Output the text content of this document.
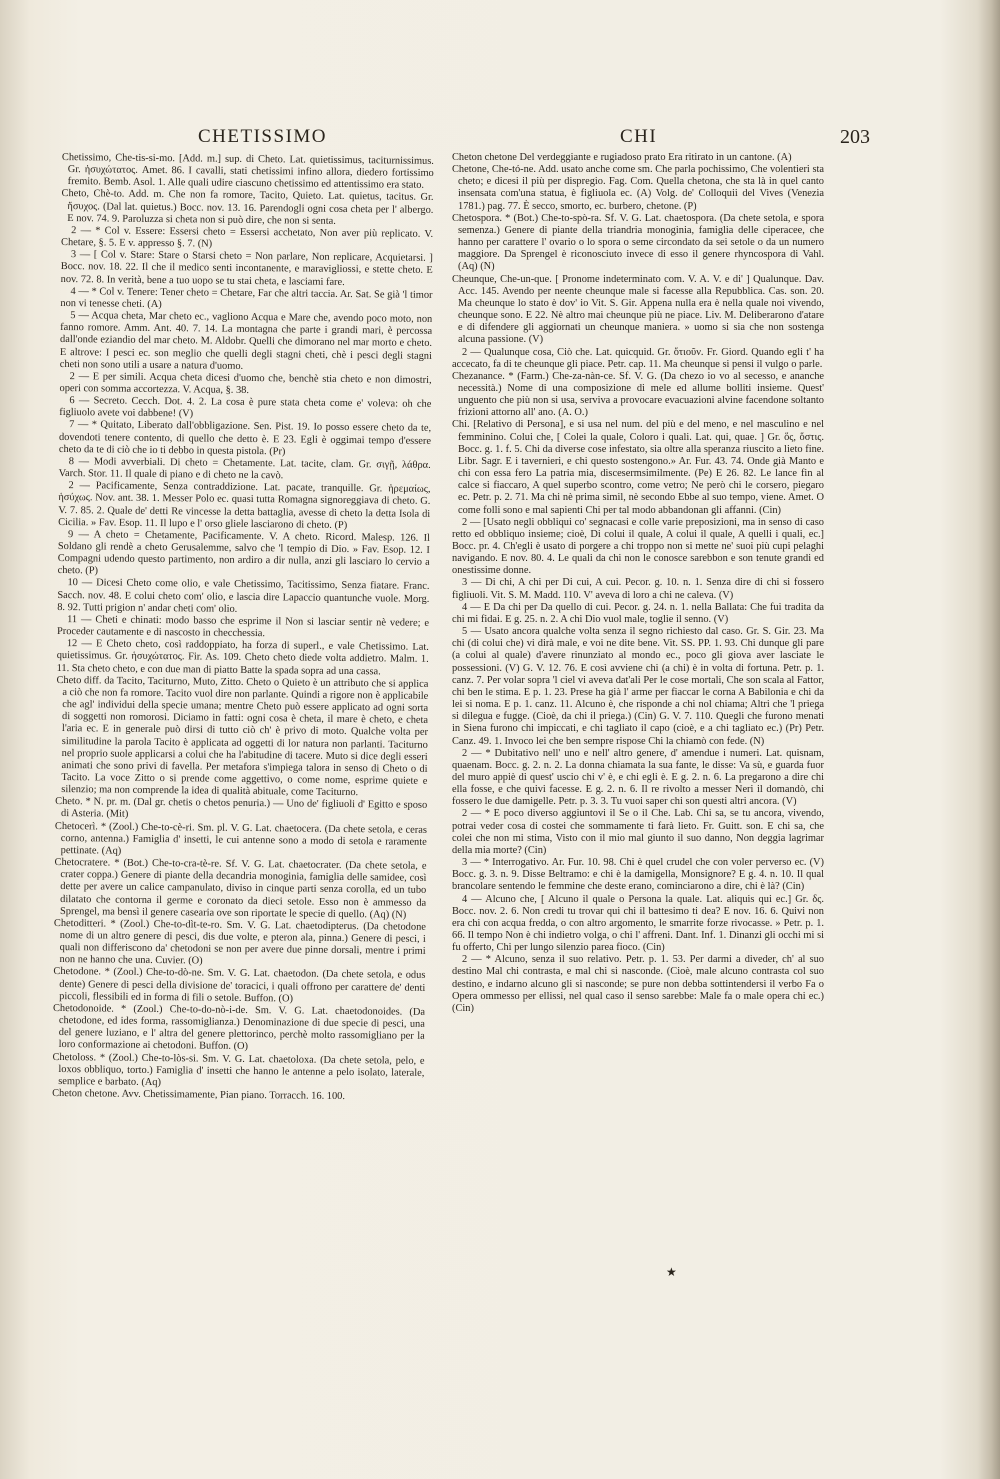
CHETISSIMO	CHI	203

Chetissimo, Che-tis-si-mo. [Add. m.] sup. di Cheto. Lat. quietissimus, taciturnissimus. Gr. ἡσυχώτατος. Amet. 86. I cavalli, stati chetissimi infino allora, diedero fortissimo fremito. Bemb. Asol. 1. Alle quali udire ciascuno chetissimo ed attentissimo era stato.

Cheto, Chè-to. Add. m. Che non fa romore, Tacito, Quieto. Lat. quietus, tacitus. Gr. ἥσυχος. (Dal lat. quietus.) Bocc. nov. 13. 16. Parendogli ogni cosa cheta per l' albergo. E nov. 74. 9. Paroluzza si cheta non si può dire, che non si senta.

2 — * Col v. Essere: Essersi cheto = Essersi acchetato, Non aver più replicato. V. Chetare, §. 5. E v. appresso §. 7. (N)

3 — [ Col v. Stare: Stare o Starsi cheto = Non parlare, Non replicare, Acquietarsi. ] Bocc. nov. 18. 22. Il che il medico senti incontanente, e maravigliossi, e stette cheto. E nov. 72. 8. In verità, bene a tuo uopo se tu stai cheta, e lasciami fare.

4 — * Col v. Tenere: Tener cheto = Chetare, Far che altri taccia. Ar. Sat. Se già 'l timor non vi tenesse cheti. (A)

5 — Acqua cheta, Mar cheto ec., vagliono Acqua e Mare che, avendo poco moto, non fanno romore. Amm. Ant. 40. 7. 14. La montagna che parte i grandi mari, è percossa dall'onde eziandio del mar cheto. M. Aldobr. Quelli che dimorano nel mar morto e cheto. E altrove: I pesci ec. son meglio che quelli degli stagni cheti, chè i pesci degli stagni cheti non sono utili a usare a natura d'uomo.

2 — E per simili. Acqua cheta dicesi d'uomo che, benchè stia cheto e non dimostri, operi con somma accortezza. V. Acqua, §. 38.

6 — Secreto. Cecch. Dot. 4. 2. La cosa è pure stata cheta come e' voleva: oh che figliuolo avete voi dabbene! (V)

7 — * Quitato, Liberato dall'obbligazione. Sen. Pist. 19. Io posso essere cheto da te, dovendoti tenere contento, di quello che detto è. E 23. Egli è oggimai tempo d'essere cheto da te di ciò che io ti debbo in questa pistola. (Pr)

8 — Modi avverbiali. Di cheto = Chetamente. Lat. tacite, clam. Gr. σιγῇ, λάθρα. Varch. Stor. 11. Il quale di piano e di cheto ne la cavò.

2 — Pacificamente, Senza contraddizione. Lat. pacate, tranquille. Gr. ἠρεμαίως, ἡσύχως. Nov. ant. 38. 1. Messer Polo ec. quasi tutta Romagna signoreggiava di cheto. G. V. 7. 85. 2. Quale de' detti Re vincesse la detta battaglia, avesse di cheto la detta Isola di Cicilia. » Fav. Esop. 11. Il lupo e l' orso gliele lasciarono di cheto. (P)

9 — A cheto = Chetamente, Pacificamente. V. A cheto. Ricord. Malesp. 126. Il Soldano gli rendè a cheto Gerusalemme, salvo che 'l tempio di Dio. » Fav. Esop. 12. I Compagni udendo questo partimento, non ardiro a dir nulla, anzi gli lasciaro lo cervio a cheto. (P)

10 — Dicesi Cheto come olio, e vale Chetissimo, Tacitissimo, Senza fiatare. Franc. Sacch. nov. 48. E colui cheto com' olio, e lascia dire Lapaccio quantunche vuole. Morg. 8. 92. Tutti prigion n' andar cheti com' olio.

11 — Cheti e chinati: modo basso che esprime il Non si lasciar sentir nè vedere; e Proceder cautamente e di nascosto in checchessia.

12 — E Cheto cheto, così raddoppiato, ha forza di superl., e vale Chetissimo. Lat. quietissimus. Gr. ἡσυχώτατος. Fir. As. 109. Cheto cheto diede volta addietro. Malm. 1. 11. Sta cheto cheto, e con due man di piatto Batte la spada sopra ad una cassa.

Cheto diff. da Tacito, Taciturno, Muto, Zitto. Cheto o Quieto è un attributo che si applica a ciò che non fa romore. Tacito vuol dire non parlante. Quindi a rigore non è applicabile che agl' individui della specie umana; mentre Cheto può essere applicato ad ogni sorta di soggetti non romorosi. Diciamo in fatti: ogni cosa è cheta, il mare è cheto, e cheta l'aria ec. E in generale può dirsi di tutto ciò ch' è privo di moto. Qualche volta per similitudine la parola Tacito è applicata ad oggetti di lor natura non parlanti. Taciturno nel proprio suole applicarsi a colui che ha l'abitudine di tacere. Muto si dice degli esseri animati che sono privi di favella. Per metafora s'impiega talora in senso di Cheto o di Tacito. La voce Zitto o si prende come aggettivo, o come nome, esprime quiete e silenzio; ma non comprende la idea di qualità abituale, come Taciturno.

Cheto. * N. pr. m. (Dal gr. chetis o chetos penuria.) — Uno de' figliuoli d' Egitto e sposo di Asteria. (Mit)

Chetocerì. * (Zool.) Che-to-cè-ri. Sm. pl. V. G. Lat. chaetocera. (Da chete setola, e ceras corno, antenna.) Famiglia d' insetti, le cui antenne sono a modo di setola e raramente pettinate. (Aq)

Chetocratere. * (Bot.) Che-to-cra-tè-re. Sf. V. G. Lat. chaetocrater. (Da chete setola, e crater coppa.) Genere di piante della decandria monoginia, famiglia delle samidee, così dette per avere un calice campanulato, diviso in cinque parti senza corolla, ed un tubo dilatato che contorna il germe e coronato da dieci setole. Esso non è ammesso da Sprengel, ma bensì il genere casearia ove son riportate le specie di quello. (Aq) (N)

Chetoditteri. * (Zool.) Che-to-dìt-te-ro. Sm. V. G. Lat. chaetodipterus. (Da chetodone nome di un altro genere di pesci, dis due volte, e pteron ala, pinna.) Genere di pesci, i quali non differiscono da' chetodoni se non per avere due pinne dorsali, mentre i primi non ne hanno che una. Cuvier. (O)

Chetodone. * (Zool.) Che-to-dò-ne. Sm. V. G. Lat. chaetodon. (Da chete setola, e odus dente) Genere di pesci della divisione de' toracici, i quali offrono per carattere de' denti piccoli, flessibili ed in forma di fili o setole. Buffon. (O)

Chetodonoide. * (Zool.) Che-to-do-nò-i-de. Sm. V. G. Lat. chaetodonoides. (Da chetodone, ed ides forma, rassomiglianza.) Denominazione di due specie di pesci, una del genere luziano, e l' altra del genere plettorinco, perchè molto rassomigliano per la loro conformazione ai chetodoni. Buffon. (O)

Chetoloss. * (Zool.) Che-to-lòs-si. Sm. V. G. Lat. chaetoloxa. (Da chete setola, pelo, e loxos obbliquo, torto.) Famiglia d' insetti che hanno le antenne a pelo isolato, laterale, semplice e barbato. (Aq)

Cheton chetone. Avv. Chetissimamente, Pian piano. Torracch. 16. 100.

Cheton chetone Del verdeggiante e rugiadoso prato Era ritirato in un cantone. (A)

Chetone, Che-tó-ne. Add. usato anche come sm. Che parla pochissimo, Che volentieri sta cheto; e dicesi il più per dispregio. Fag. Com. Quella chetona, che sta là in quel canto insensata com'una statua, è figliuola ec. (A) Volg. de' Colloquii del Vives (Venezia 1781.) pag. 77. È secco, smorto, ec. burbero, chetone. (P)

Chetospora. * (Bot.) Che-to-spò-ra. Sf. V. G. Lat. chaetospora. (Da chete setola, e spora semenza.) Genere di piante della triandria monoginia, famiglia delle ciperacee, che hanno per carattere l' ovario o lo spora o seme circondato da sei setole o da un numero maggiore. Da Sprengel è riconosciuto invece di esso il genere rhyncospora di Vahl. (Aq) (N)

Cheunque, Che-un-que. [ Pronome indeterminato com. V. A. V. e di' ] Qualunque. Dav. Acc. 145. Avendo per neente cheunque male si facesse alla Repubblica. Cas. son. 20. Ma cheunque lo stato è dov' io Vit. S. Gir. Appena nulla era è nella quale noi vivendo, cheunque sono. E 22. Nè altro mai cheunque più ne piace. Liv. M. Deliberarono d'atare e di difendere gli aggiornati un cheunque maniera. » uomo si sia che non sostenga alcuna passione. (V)

2 — Qualunque cosa, Ciò che. Lat. quicquid. Gr. ὅτιοῦν. Fr. Giord. Quando egli t' ha accecato, fa di te cheunque gli piace. Petr. cap. 11. Ma cheunque si pensi il vulgo o parle.

Chezanance. * (Farm.) Che-za-nàn-ce. Sf. V. G. (Da chezo io vo al secesso, e ananche necessità.) Nome di una composizione di mele ed allume bolliti insieme. Quest' unguento che più non si usa, serviva a provocare evacuazioni alvine facendone soltanto frizioni attorno all' ano. (A. O.)

Chi. [Relativo di Persona], e si usa nel num. del più e del meno, e nel masculino e nel femminino. Colui che, [ Colei la quale, Coloro i quali. Lat. qui, quae. ] Gr. ὅς, ὅστις. Bocc. g. 1. f. 5. Chi da diverse cose infestato, sia oltre alla speranza riuscito a lieto fine. Libr. Sagr. E i tavernieri, e chi questo sostengono.» Ar. Fur. 43. 74. Onde già Manto e chi con essa fero La patria mia, discesermsimilmente. (Pe) E 26. 82. Le lance fin al calce si fiaccaro, A quel superbo scontro, come vetro; Ne però chi le corsero, piegaro ec. Petr. p. 2. 71. Ma chi nè prima simil, nè secondo Ebbe al suo tempo, viene. Amet. O come folli sono e mal sapienti Chi per tal modo abbandonan gli affanni. (Cin)

2 — [Usato negli obbliqui co' segnacasi e colle varie preposizioni, ma in senso di caso retto ed obbliquo insieme; cioè, Di colui il quale, A colui il quale, A quelli i quali, ec.] Bocc. pr. 4. Ch'egli è usato di porgere a chi troppo non si mette ne' suoi più cupi pelaghi navigando. E nov. 80. 4. Le quali da chi non le conosce sarebbon e son tenute grandi ed onestissime donne.

3 — Di chi, A chi per Di cui, A cui. Pecor. g. 10. n. 1. Senza dire di chi si fossero figliuoli. Vit. S. M. Madd. 110. V' aveva di loro a chi ne caleva. (V)

4 — E Da chi per Da quello di cui. Pecor. g. 24. n. 1. nella Ballata: Che fui tradita da chi mi fidai. E g. 25. n. 2. A chi Dio vuol male, toglie il senno. (V)

5 — Usato ancora qualche volta senza il segno richiesto dal caso. Gr. S. Gir. 23. Ma chi (di colui che) vi dirà male, e voi ne dite bene. Vit. SS. PP. 1. 93. Chi dunque gli pare (a colui al quale) d'avere rinunziato al mondo ec., poco gli giova aver lasciate le possessioni. (V) G. V. 12. 76. E così avviene chi (a chi) è in volta di fortuna. Petr. p. 1. canz. 7. Per volar sopra 'l ciel vi aveva dat'ali Per le cose mortali, Che son scala al Fattor, chi ben le stima. E p. 1. 23. Prese ha già l' arme per fiaccar le corna A Babilonia e chi da lei si noma. E p. 1. canz. 11. Alcuno è, che risponde a chi nol chiama; Altri che 'l priega si dilegua e fugge. (Cioè, da chi il priega.) (Cin) G. V. 7. 110. Quegli che furono menati in Siena furono chi impiccati, e chi tagliato il capo (cioè, e a chi tagliato ec.) (Pr) Petr. Canz. 49. 1. Invoco lei che ben sempre rispose Chi la chiamò con fede. (N)

2 — * Dubitativo nell' uno e nell' altro genere, d' amendue i numeri. Lat. quisnam, quaenam. Bocc. g. 2. n. 2. La donna chiamata la sua fante, le disse: Va sù, e guarda fuor del muro appiè di quest' uscio chi v' è, e chi egli è. E g. 2. n. 6. La pregarono a dire chi ella fosse, e che quivi facesse. E g. 2. n. 6. Il re rivolto a messer Neri il domandò, chi fossero le due damigelle. Petr. p. 3. 3. Tu vuoi saper chi son questi altri ancora. (V)

2 — * E poco diverso aggiuntovi il Se o il Che. Lab. Chi sa, se tu ancora, vivendo, potrai veder cosa di costei che sommamente ti farà lieto. Fr. Guitt. son. E chi sa, che colei che non mi stima, Visto con il mio mal giunto il suo danno, Non deggia lagrimar della mia morte? (Cin)

3 — * Interrogativo. Ar. Fur. 10. 98. Chi è quel crudel che con voler perverso ec. (V) Bocc. g. 3. n. 9. Disse Beltramo: e chi è la damigella, Monsignore? E g. 4. n. 10. Il qual brancolare sentendo le femmine che deste erano, cominciarono a dire, chi è là? (Cin)

4 — Alcuno che, [ Alcuno il quale o Persona la quale. Lat. aliquis qui ec.] Gr. δς. Bocc. nov. 2. 6. Non credi tu trovar qui chi il battesimo ti dea? E nov. 16. 6. Quivi non era chi con acqua fredda, o con altro argomento, le smarrite forze rivocasse. » Petr. p. 1. 66. Il tempo Non è chi indietro volga, o chi l' affreni. Dant. Inf. 1. Dinanzi gli occhi mi si fu offerto, Chi per lungo silenzio parea fioco. (Cin)

2 — * Alcuno, senza il suo relativo. Petr. p. 1. 53. Per darmi a diveder, ch' al suo destino Mal chi contrasta, e mal chi si nasconde. (Cioè, male alcuno contrasta col suo destino, e indarno alcuno gli si nasconde; se pure non debba sottintendersi il verbo Fa o Opera ommesso per ellissi, nel qual caso il senso sarebbe: Male fa o male opera chi ec.) (Cin)

★
